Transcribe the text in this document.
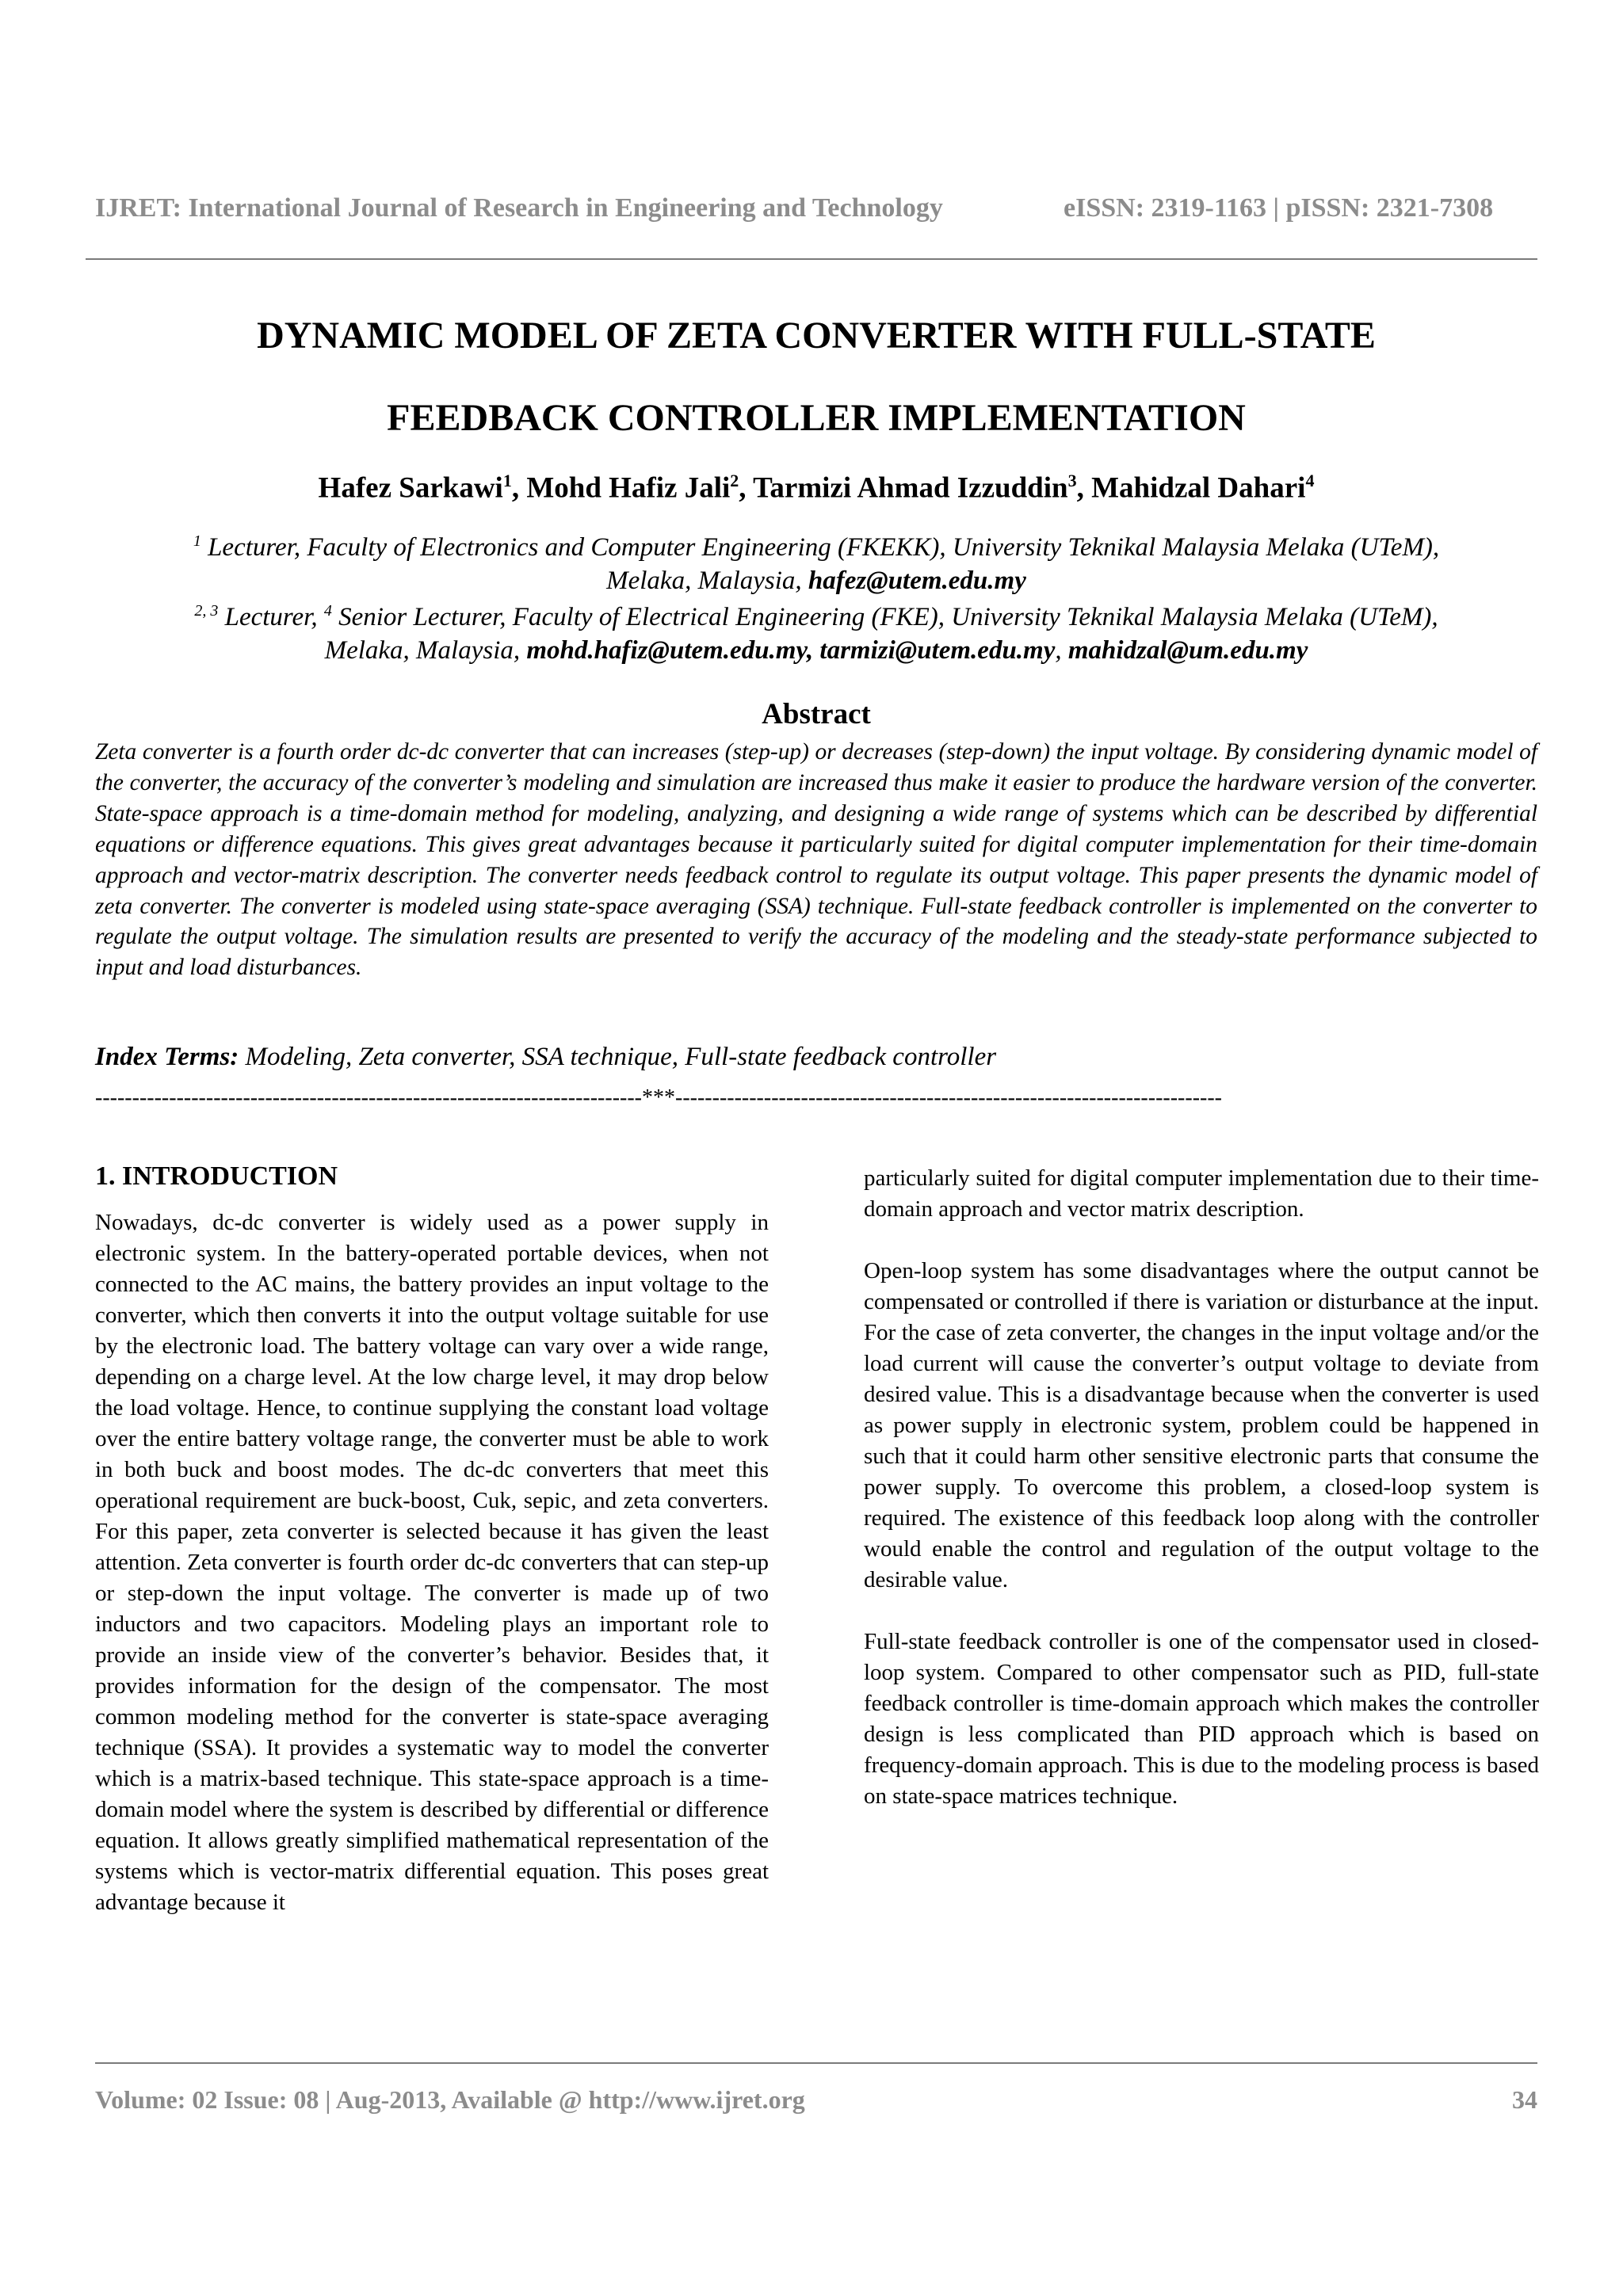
IJRET: International Journal of Research in Engineering and Technology	eISSN: 2319-1163 | pISSN: 2321-7308
DYNAMIC MODEL OF ZETA CONVERTER WITH FULL-STATE
FEEDBACK CONTROLLER IMPLEMENTATION
Hafez Sarkawi$^1$, Mohd Hafiz Jali$^2$, Tarmizi Ahmad Izzuddin$^3$, Mahidzal Dahari$^4$
$^1$ Lecturer, Faculty of Electronics and Computer Engineering (FKEKK), University Teknikal Malaysia Melaka (UTeM),
Melaka, Malaysia, hafez@utem.edu.my
$^{2, 3}$ Lecturer, $^4$ Senior Lecturer, Faculty of Electrical Engineering (FKE), University Teknikal Malaysia Melaka (UTeM),
Melaka, Malaysia, mohd.hafiz@utem.edu.my, tarmizi@utem.edu.my, mahidzal@um.edu.my
Abstract
Zeta converter is a fourth order dc-dc converter that can increases (step-up) or decreases (step-down) the input voltage. By considering dynamic model of the converter, the accuracy of the converter’s modeling and simulation are increased thus make it easier to produce the hardware version of the converter. State-space approach is a time-domain method for modeling, analyzing, and designing a wide range of systems which can be described by differential equations or difference equations. This gives great advantages because it particularly suited for digital computer implementation for their time-domain approach and vector-matrix description. The converter needs feedback control to regulate its output voltage. This paper presents the dynamic model of zeta converter. The converter is modeled using state-space averaging (SSA) technique. Full-state feedback controller is implemented on the converter to regulate the output voltage. The simulation results are presented to verify the accuracy of the modeling and the steady-state performance subjected to input and load disturbances.
Index Terms: Modeling, Zeta converter, SSA technique, Full-state feedback controller
--------------------------------------------------------------------------***--------------------------------------------------------------------------
1. INTRODUCTION

Nowadays, dc-dc converter is widely used as a power supply in electronic system. In the battery-operated portable devices, when not connected to the AC mains, the battery provides an input voltage to the converter, which then converts it into the output voltage suitable for use by the electronic load. The battery voltage can vary over a wide range, depending on a charge level. At the low charge level, it may drop below the load voltage. Hence, to continue supplying the constant load voltage over the entire battery voltage range, the converter must be able to work in both buck and boost modes. The dc-dc converters that meet this operational requirement are buck-boost, Cuk, sepic, and zeta converters. For this paper, zeta converter is selected because it has given the least attention. Zeta converter is fourth order dc-dc converters that can step-up or step-down the input voltage. The converter is made up of two inductors and two capacitors. Modeling plays an important role to provide an inside view of the converter’s behavior. Besides that, it provides information for the design of the compensator. The most common modeling method for the converter is state-space averaging technique (SSA). It provides a systematic way to model the converter which is a matrix-based technique. This state-space approach is a time-domain model where the system is described by differential or difference equation. It allows greatly simplified mathematical representation of the systems which is vector-matrix differential equation. This poses great advantage because it

particularly suited for digital computer implementation due to their time-domain approach and vector matrix description.

Open-loop system has some disadvantages where the output cannot be compensated or controlled if there is variation or disturbance at the input. For the case of zeta converter, the changes in the input voltage and/or the load current will cause the converter’s output voltage to deviate from desired value. This is a disadvantage because when the converter is used as power supply in electronic system, problem could be happened in such that it could harm other sensitive electronic parts that consume the power supply. To overcome this problem, a closed-loop system is required. The existence of this feedback loop along with the controller would enable the control and regulation of the output voltage to the desirable value.

Full-state feedback controller is one of the compensator used in closed-loop system. Compared to other compensator such as PID, full-state feedback controller is time-domain approach which makes the controller design is less complicated than PID approach which is based on frequency-domain approach. This is due to the modeling process is based on state-space matrices technique.

Volume: 02 Issue: 08 | Aug-2013, Available @ http://www.ijret.org	34
